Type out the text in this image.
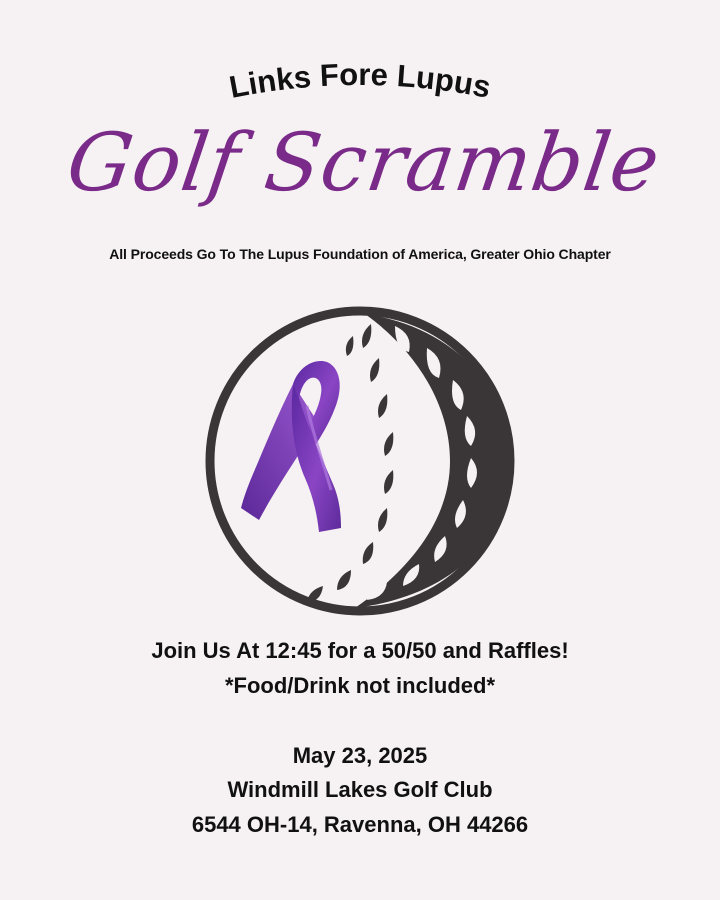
Links Fore Lupus
Golf Scramble
All Proceeds Go To The Lupus Foundation of America, Greater Ohio Chapter
Join Us At 12:45 for a 50/50 and Raffles!
*Food/Drink not included*
May 23, 2025
Windmill Lakes Golf Club
6544 OH-14, Ravenna, OH 44266
